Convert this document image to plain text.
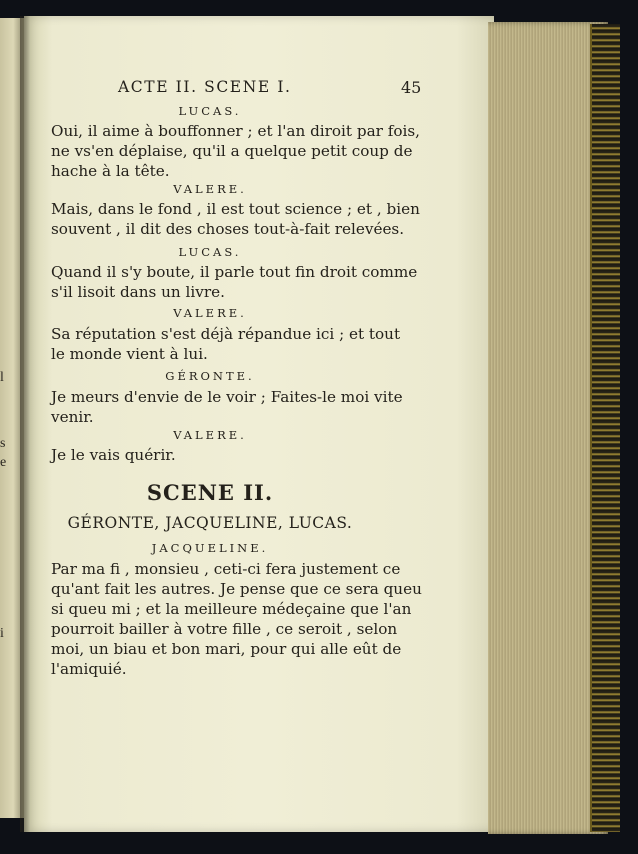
l
s
e
i
ACTE II. SCENE I.	45
LUCAS.
Oui, il aime à bouffonner ; et l'an diroit par fois,
ne vs'en déplaise, qu'il a quelque petit coup de
hache à la tête.
VALERE.
Mais, dans le fond , il est tout science ; et , bien
souvent , il dit des choses tout-à-fait relevées.
LUCAS.
Quand il s'y boute, il parle tout fin droit comme
s'il lisoit dans un livre.
VALERE.
Sa réputation s'est déjà répandue ici ; et tout
le monde vient à lui.
GÉRONTE.
Je meurs d'envie de le voir ; Faites-le moi vite
venir.
VALERE.
Je le vais quérir.
SCENE II.
GÉRONTE, JACQUELINE, LUCAS.
JACQUELINE.
Par ma fi , monsieu , ceti-ci fera justement ce
qu'ant fait les autres. Je pense que ce sera queu
si queu mi ; et la meilleure médeçaine que l'an
pourroit bailler à votre fille , ce seroit , selon
moi, un biau et bon mari, pour qui alle eût de
l'amiquié.
